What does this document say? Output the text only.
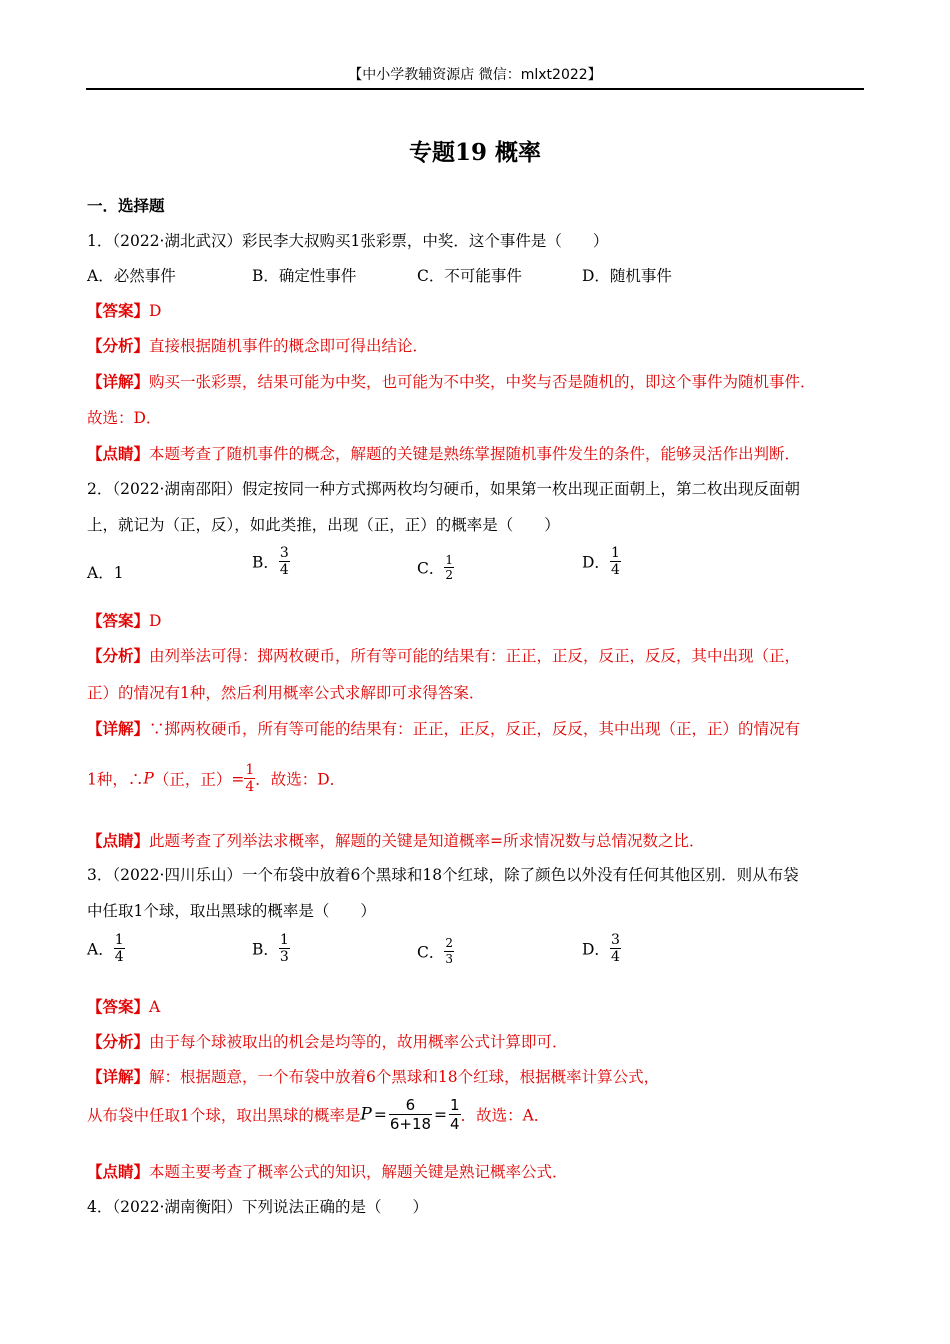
【中小学教辅资源店 微信：mlxt2022】
专题19 概率
一．选择题
1．（2022·湖北武汉）彩民李大叔购买1张彩票，中奖．这个事件是（　　）
A．必然事件	B．确定性事件	C．不可能事件	D．随机事件
【答案】D
【分析】直接根据随机事件的概念即可得出结论．
【详解】购买一张彩票，结果可能为中奖，也可能为不中奖，中奖与否是随机的，即这个事件为随机事件．
故选：D．
【点睛】本题考查了随机事件的概念，解题的关键是熟练掌握随机事件发生的条件，能够灵活作出判断．
2．（2022·湖南邵阳）假定按同一种方式掷两枚均匀硬币，如果第一枚出现正面朝上，第二枚出现反面朝
上，就记为（正，反），如此类推，出现（正，正）的概率是（　　）
A．1
B． $\frac{3}{4}$	C． $\frac{1}{2}$	D． $\frac{1}{4}$
【答案】D
【分析】由列举法可得：掷两枚硬币，所有等可能的结果有：正正，正反，反正，反反，其中出现（正，
正）的情况有1种，然后利用概率公式求解即可求得答案．
【详解】∵掷两枚硬币，所有等可能的结果有：正正，正反，反正，反反，其中出现（正，正）的情况有
1种，∴P（正，正）= $\frac{1}{4}$ ．故选：D．
【点睛】此题考查了列举法求概率，解题的关键是知道概率=所求情况数与总情况数之比．
3．（2022·四川乐山）一个布袋中放着6个黑球和18个红球，除了颜色以外没有任何其他区别．则从布袋
中任取1个球，取出黑球的概率是（　　）
A． $\frac{1}{4}$	B． $\frac{1}{3}$	C． $\frac{2}{3}$	D． $\frac{3}{4}$
【答案】A
【分析】由于每个球被取出的机会是均等的，故用概率公式计算即可．
【详解】解：根据题意，一个布袋中放着6个黑球和18个红球，根据概率计算公式，
从布袋中任取1个球，取出黑球的概率是$P = \frac{6}{6+18} = \frac{1}{4}$ ．故选：A．
【点睛】本题主要考查了概率公式的知识，解题关键是熟记概率公式．
4．（2022·湖南衡阳）下列说法正确的是（　　）
